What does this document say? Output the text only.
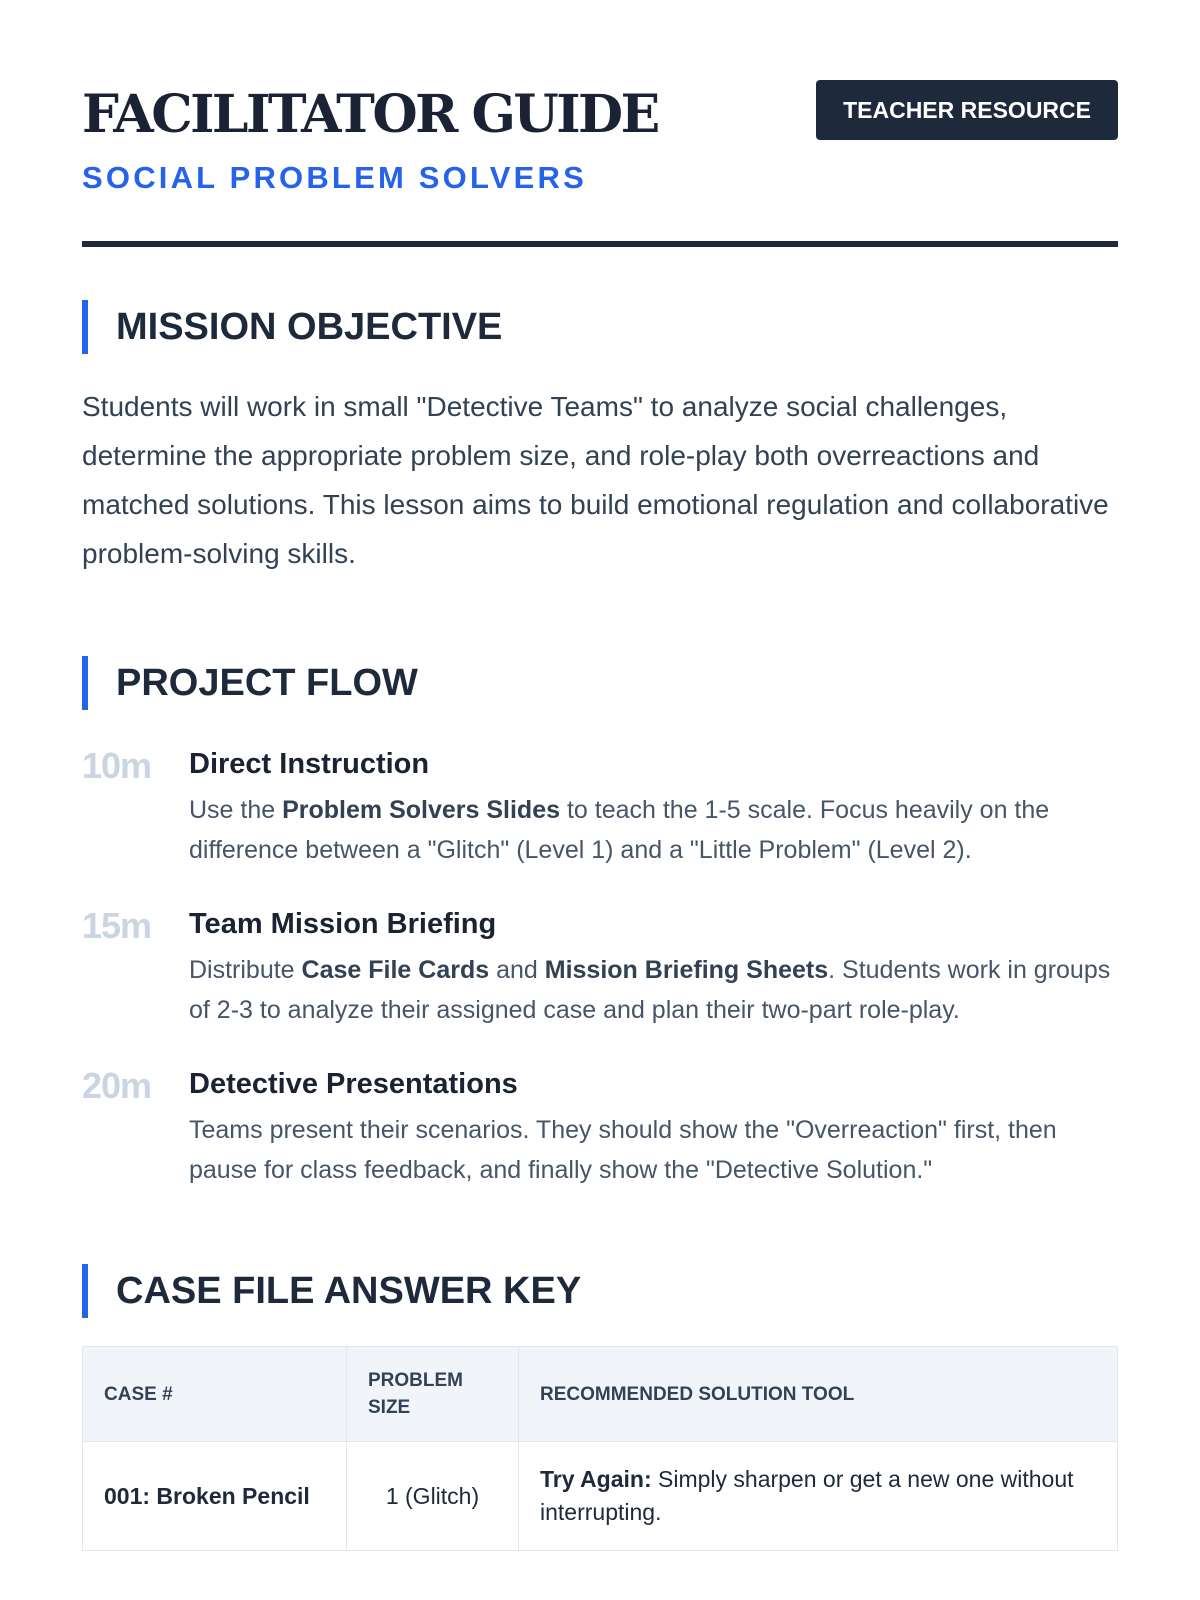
FACILITATOR GUIDE
SOCIAL PROBLEM SOLVERS
TEACHER RESOURCE
MISSION OBJECTIVE

Students will work in small "Detective Teams" to analyze social challenges, determine the appropriate problem size, and role-play both overreactions and matched solutions. This lesson aims to build emotional regulation and collaborative problem-solving skills.

PROJECT FLOW
10m	Direct Instruction
Use the Problem Solvers Slides to teach the 1-5 scale. Focus heavily on the difference between a "Glitch" (Level 1) and a "Little Problem" (Level 2).
15m	Team Mission Briefing
Distribute Case File Cards and Mission Briefing Sheets. Students work in groups of 2-3 to analyze their assigned case and plan their two-part role-play.
20m	Detective Presentations
Teams present their scenarios. They should show the "Overreaction" first, then pause for class feedback, and finally show the "Detective Solution."
CASE FILE ANSWER KEY
CASE #	PROBLEM SIZE	RECOMMENDED SOLUTION TOOL
001: Broken Pencil	1 (Glitch)	Try Again: Simply sharpen or get a new one without interrupting.
